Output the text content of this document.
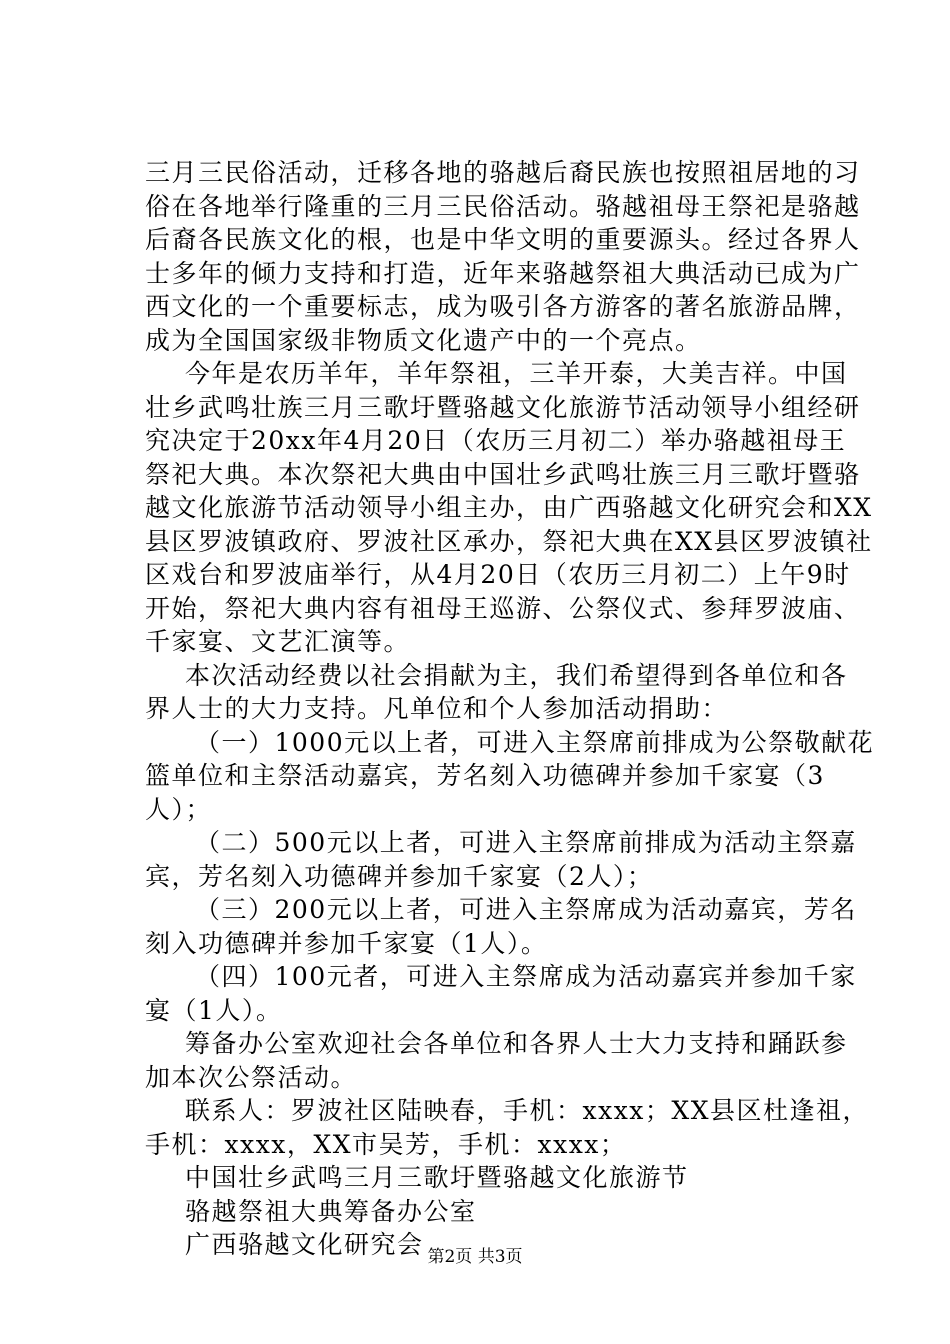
三月三民俗活动，迁移各地的骆越后裔民族也按照祖居地的习
俗在各地举行隆重的三月三民俗活动。骆越祖母王祭祀是骆越
后裔各民族文化的根，也是中华文明的重要源头。经过各界人
士多年的倾力支持和打造，近年来骆越祭祖大典活动已成为广
西文化的一个重要标志，成为吸引各方游客的著名旅游品牌，
成为全国国家级非物质文化遗产中的一个亮点。
今年是农历羊年，羊年祭祖，三羊开泰，大美吉祥。中国
壮乡武鸣壮族三月三歌圩暨骆越文化旅游节活动领导小组经研
究决定于20xx年4月20日（农历三月初二）举办骆越祖母王
祭祀大典。本次祭祀大典由中国壮乡武鸣壮族三月三歌圩暨骆
越文化旅游节活动领导小组主办，由广西骆越文化研究会和XX
县区罗波镇政府、罗波社区承办，祭祀大典在XX县区罗波镇社
区戏台和罗波庙举行，从4月20日（农历三月初二）上午9时
开始，祭祀大典内容有祖母王巡游、公祭仪式、参拜罗波庙、
千家宴、文艺汇演等。
本次活动经费以社会捐献为主，我们希望得到各单位和各
界人士的大力支持。凡单位和个人参加活动捐助：
（一）1000元以上者，可进入主祭席前排成为公祭敬献花
篮单位和主祭活动嘉宾，芳名刻入功德碑并参加千家宴（3
人）；
（二）500元以上者，可进入主祭席前排成为活动主祭嘉
宾，芳名刻入功德碑并参加千家宴（2人）；
（三）200元以上者，可进入主祭席成为活动嘉宾，芳名
刻入功德碑并参加千家宴（1人）。
（四）100元者，可进入主祭席成为活动嘉宾并参加千家
宴（1人）。
筹备办公室欢迎社会各单位和各界人士大力支持和踊跃参
加本次公祭活动。
联系人：罗波社区陆映春，手机：xxxx；XX县区杜逢祖，
手机：xxxx，XX市吴芳，手机：xxxx；
中国壮乡武鸣三月三歌圩暨骆越文化旅游节
骆越祭祖大典筹备办公室
广西骆越文化研究会 第2页 共3页
